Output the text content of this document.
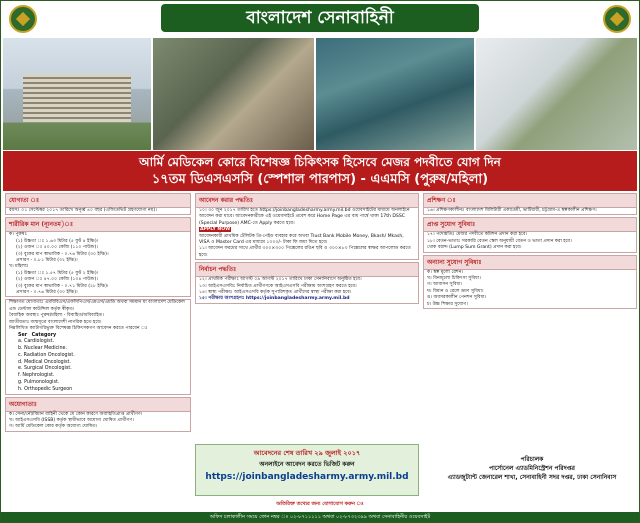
বাংলাদেশ সেনাবাহিনী
আর্মি মেডিকেল কোরে বিশেষজ্ঞ চিকিৎসক হিসেবে মেজর পদবীতে যোগ দিন
১৭তম ডিএসএসসি (স্পেশাল পারপাস) - এএমসি (পুরুষ/মহিলা)
যোগ্যতা ঃ
বয়সঃ ০১ সেপ্টেম্বর ২০১৭ তারিখে অনূর্ধ্ব ৪০ বছর (এফিডেভিট গ্রহণযোগ্য নয়)।
শারীরিক মান (ন্যূনতম)ঃ
ক। পুরুষঃ
(১) উচ্চতা ঃ ১.৬৩ মিটার (৫ ফুট ৪ ইঞ্চি)।
(২) ওজন ঃ ৫০.০০ কেজি (১১০ পাউন্ড)।
(৩) বুকের মাপ স্বাভাবিক - ০.৭৬ মিটার (৩০ ইঞ্চি)।
প্রসারণ - ০.৮১ মিটার (৩২ ইঞ্চি)।
খ। মহিলাঃ
(১) উচ্চতা ঃ ১.৫৭ মিটার (৫ ফুট ২ ইঞ্চি)।
(২) ওজন ঃ ৪৭.০০ কেজি (১০৪ পাউন্ড)।
(৩) বুকের মাপ স্বাভাবিক - ০.৭১ মিটার (২৮ ইঞ্চি)।
প্রসারণ - ০.৭৬ মিটার (৩০ ইঞ্চি)।
শিক্ষাগত যোগ্যতাঃ এমবিবিএস/এফসিপিএস/এমএস/এমডি অথবা সমমান যা বাংলাদেশ মেডিকেল এন্ড ডেন্টাল কাউন্সিল কর্তৃক স্বীকৃত।
বৈবাহিক অবস্থাঃ পুরুষ/মহিলা - বিবাহিত/অবিবাহিত।
জাতীয়তাঃ জন্মসূত্রে বাংলাদেশী নাগরিক হতে হবে।
নিম্নলিখিত ক্যাটাগরিভুক্ত বিশেষজ্ঞ চিকিৎসকগণ আবেদন করতে পারবেন ঃ
Ser Category
a. Cardiologist.
b. Nuclear Medicine.
c. Radiation Oncologist.
d. Medical Oncologist.
e. Surgical Oncologist.
f. Nephrologist.
g. Pulmonologist.
h. Orthopedic Surgeon
অযোগ্যতাঃ
ক। সেনা/নৌ/বিমান বাহিনী থেকে যে কোন কারণে অব্যাহতিপ্রাপ্ত প্রার্থীগণ।
খ। আইএসএসবি (ISSB) কর্তৃক স্থায়ীভাবে অযোগ্য ঘোষিত প্রার্থীগণ।
গ। আর্মি মেডিকেল কোর কর্তৃক অযোগ্য ঘোষিত।
আবেদন করার পদ্ধতিঃ
১০। ৩০ জুন ২০১৭ তারিখ হতে https://joinbangladesharmy.army.mil.bd ওয়েবসাইটের মাধ্যমে অনলাইনে আবেদন করা যাবে। আবেদনকারীকে এই ওয়েবসাইটে প্রবেশ করে Home Page এর বাম পার্শ্বে থাকা 17th DSSC (Special Purpose) AMC-তে Apply করতে হবে।
APPLY NOW
আবেদনকারী প্রাথমিক টেলিটক প্রি-পেইড ব্যবহার করে অথবা Trust Bank Mobile Money, Bkash/ Mkash, VISA ও Master Card এর মাধ্যমে ১০০০/- টাকা ফি জমা দিতে হবে।
১১। আবেদন ফরমের সাথে প্রার্থীর ৩০০×৩০০ পিক্সেলের রঙিন ছবি ও ৩০০×৮০ পিক্সেলের স্বাক্ষর আপলোড করতে হবে।
নির্বাচন পদ্ধতিঃ
১২। প্রাথমিক পরীক্ষাঃ আগস্ট ০৯ আগস্ট ২০১৭ তারিখে ঢাকা সেনানিবাসে অনুষ্ঠিত হবে।
১৩। আইএসএসবিঃ নির্বাচিত প্রার্থীগণকে আইএসএসবি পরীক্ষায় অংশগ্রহণ করতে হবে।
১৪। স্বাস্থ্য পরীক্ষাঃ আইএসএসবি কর্তৃক সুপারিশকৃত প্রার্থীদের স্বাস্থ্য পরীক্ষা করা হবে।
১৫। পরীক্ষায় অংশগ্রহণঃ https://joinbangladesharmy.army.mil.bd
আবেদনের শেষ তারিখ ২৯ জুলাই ২০১৭
অনলাইনে আবেদন করতে ভিজিট করুন
https://joinbangladesharmy.army.mil.bd
প্রশিক্ষণ ঃ
১৬। প্রশিক্ষণকালীনঃ বাংলাদেশ মিলিটারী একাডেমী, ভাটিয়ারী, চট্টগ্রাম-এ স্বল্পকালীন প্রশিক্ষণ।
প্রাপ্ত সুযোগ সুবিধাঃ
১৭। পদোন্নতিঃ মেজর পদবীতে কমিশন প্রদান করা হবে।
১৮। বেতন-ভাতাঃ সরকারি বেতন স্কেল অনুযায়ী বেতন ও ভাতা প্রদান করা হবে।
থোক বরাদ্দ (Lump Sum Grant) প্রদান করা হবে।
অন্যান্য সুযোগ সুবিধাঃ
ক। স্বল্প মূল্যে রেশন।
খ। বিনামূল্যে চিকিৎসা সুবিধা।
গ। আবাসন সুবিধা।
ঘ। বিমান ও রেলে ভ্রমণ সুবিধা।
ঙ। অবসরকালীন পেনশন সুবিধা।
চ। উচ্চ শিক্ষার সুযোগ।
পরিচালক
পার্সোনেল এ্যাডমিনিস্ট্রেশন পরিদপ্তর
এ্যাডজুট্যান্ট জেনারেল শাখা, সেনাবাহিনী সদর দপ্তর, ঢাকা সেনানিবাস
অতিরিক্ত তথ্যের জন্য যোগাযোগ করুন ঃ
অফিস চলাকালীন সময়ে ফোন নম্বর ঃ ০২-৮৭১১১১১ অথবা ০২-৮৭৩২৩৯৯ অথবা সেনাবাহিনীর ওয়েবসাইট
